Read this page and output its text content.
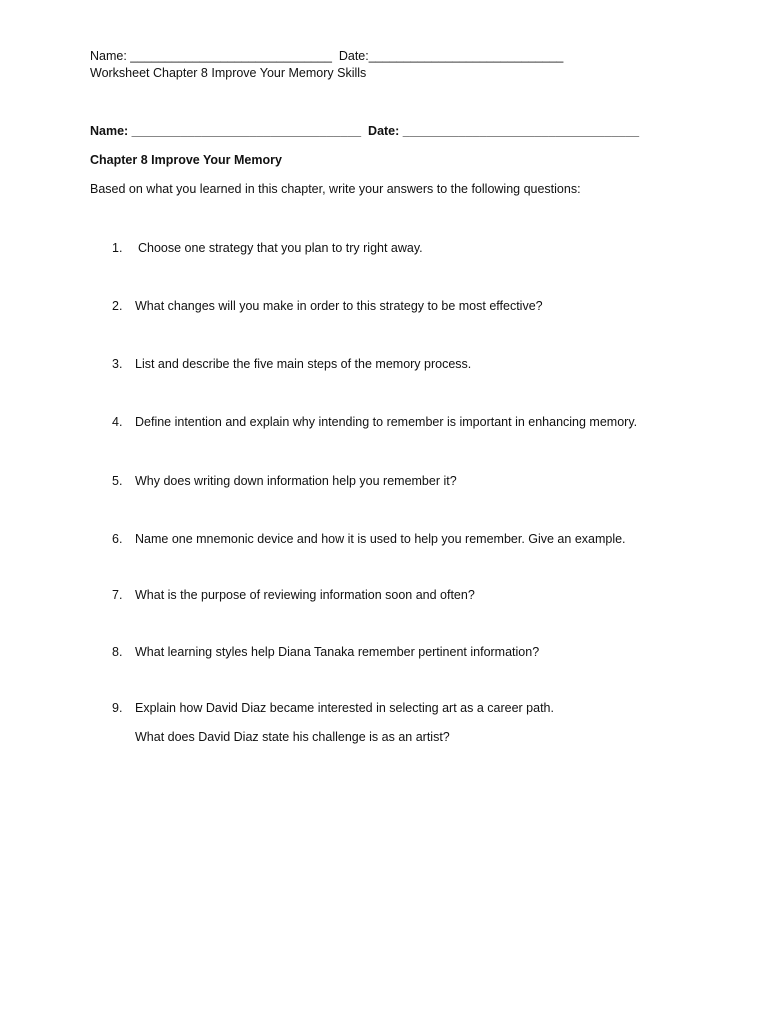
Name: _____________________________  Date:____________________________
Worksheet Chapter 8 Improve Your Memory Skills
Name: _________________________________  Date: __________________________________
Chapter 8 Improve Your Memory
Based on what you learned in this chapter, write your answers to the following questions:
1.	Choose one strategy that you plan to try right away.
2.	What changes will you make in order to this strategy to be most effective?
3.	List and describe the five main steps of the memory process.
4.	Define intention and explain why intending to remember is important in enhancing memory.
5.	Why does writing down information help you remember it?
6.	Name one mnemonic device and how it is used to help you remember. Give an example.
7.	What is the purpose of reviewing information soon and often?
8.	What learning styles help Diana Tanaka remember pertinent information?
9.	Explain how David Diaz became interested in selecting art as a career path.
What does David Diaz state his challenge is as an artist?
